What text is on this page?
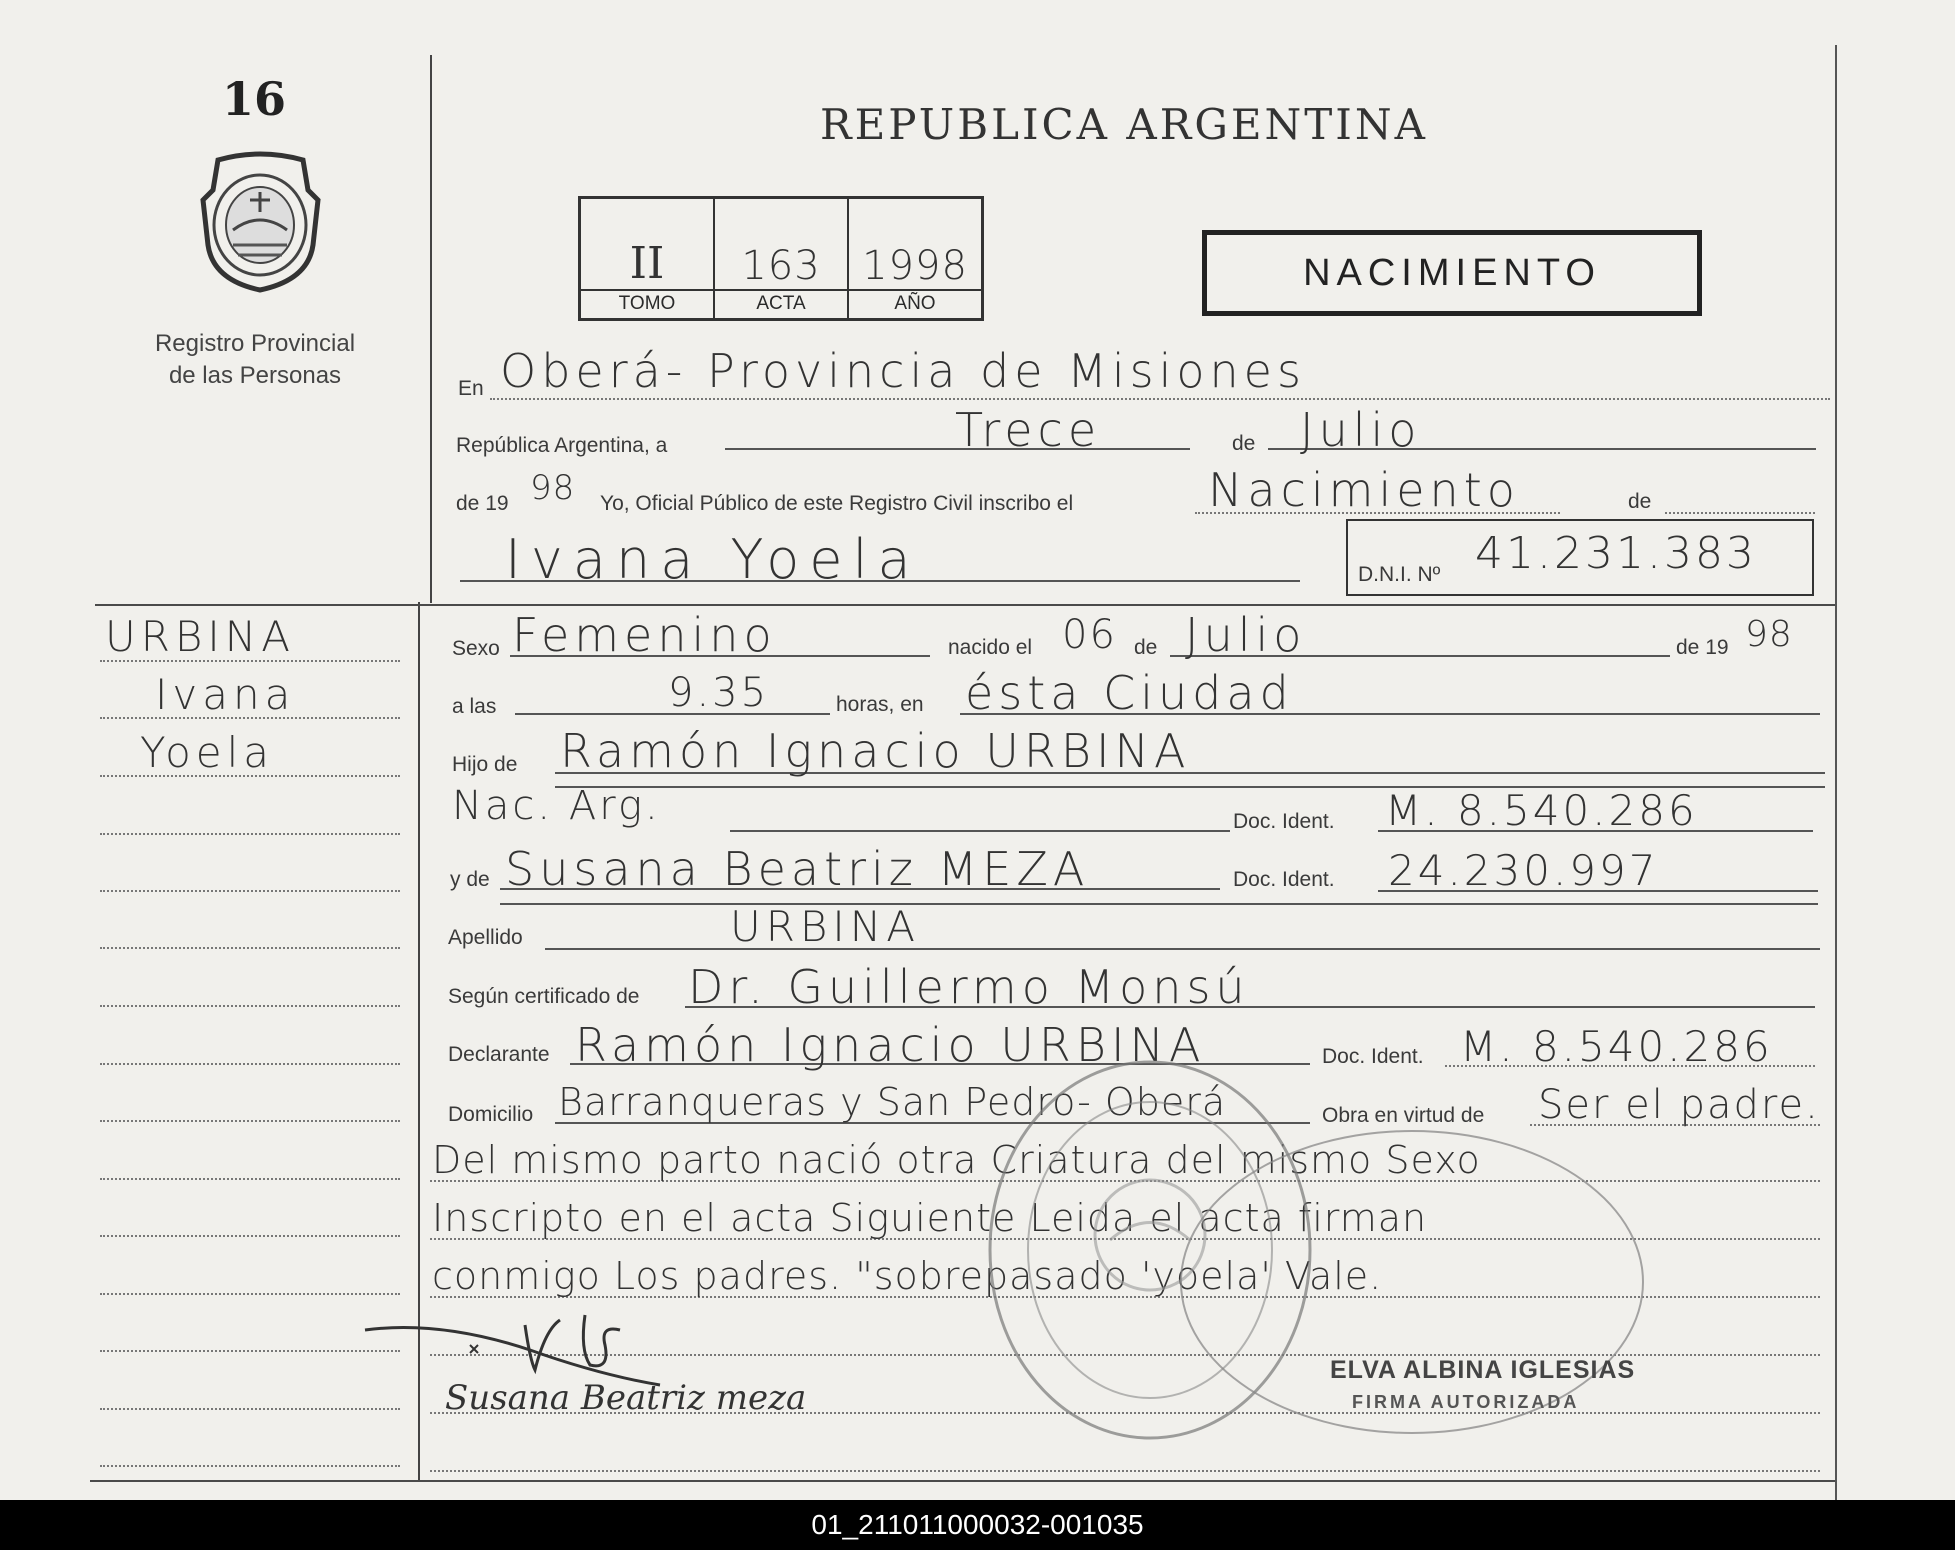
16
Registro Provincial
de las Personas
URBINA
Ivana
Yoela
REPUBLICA ARGENTINA
II	163	1998

TOMO	ACTA	AÑO
NACIMIENTO
En Oberá- Provincia de Misiones
República Argentina, a	Trece	de Julio
de 19 98 Yo, Oficial Público de este Registro Civil inscribo el	Nacimiento	de
Ivana Yoela	D.N.I. Nº 41.231.383
Sexo Femenino	nacido el 06 de Julio	de 19 98
a las	9.35	horas, en ésta Ciudad
Hijo de Ramón Ignacio URBINA
Nac. Arg.	Doc. Ident. M. 8.540.286
y de Susana Beatriz MEZA	Doc. Ident. 24.230.997
Apellido	URBINA
Según certificado de Dr. Guillermo Monsú
Declarante Ramón Ignacio URBINA	Doc. Ident. M. 8.540.286
Domicilio Barranqueras y San Pedro- Oberá	Obra en virtud de Ser el padre.
Del mismo parto nació otra Criatura del mismo Sexo
Inscripto en el acta Siguiente Leida el acta firman
conmigo Los padres. "sobrepasado 'yoela' Vale.
ELVA ALBINA IGLESIAS
FIRMA AUTORIZADA
Susana Beatriz meza
01_211011000032-001035
